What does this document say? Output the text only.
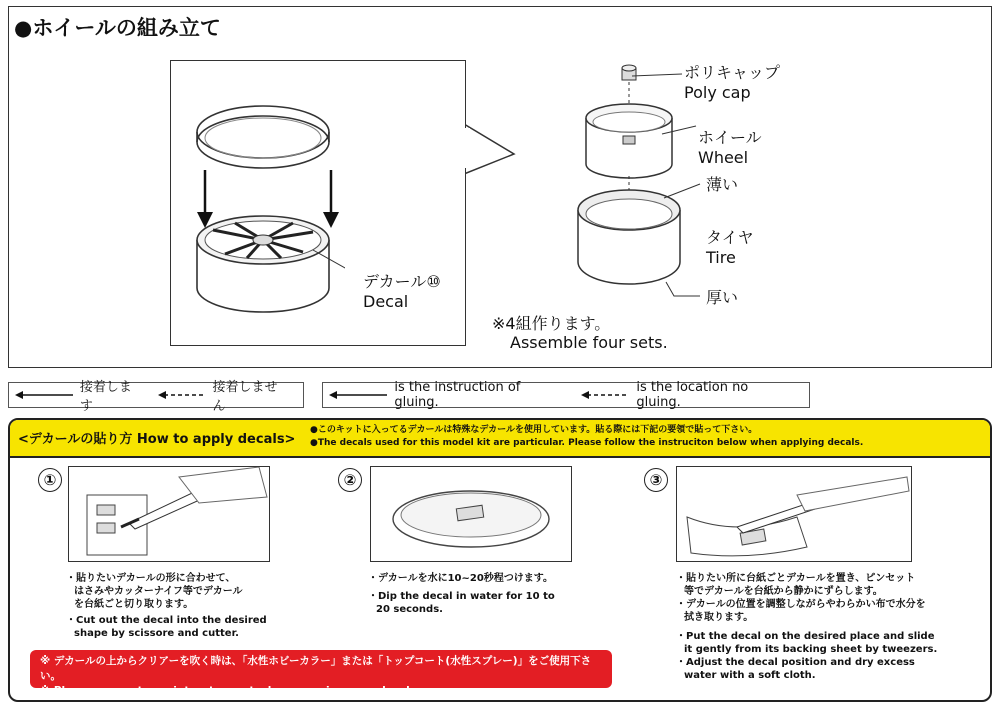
●ホイールの組み立て
デカール⑩
Decal
ポリキャップ
Poly cap
ホイール
Wheel
薄い
タイヤ
Tire
厚い
※4組作ります。
Assemble four sets.
接着します
接着しません
is the instruction of gluing.
is the location no gluing.
<デカールの貼り方 How to apply decals>
●このキットに入ってるデカールは特殊なデカールを使用しています。貼る際には下記の要領で貼って下さい。
●The decals used for this model kit are particular. Please follow the instruciton below when applying decals.
①
・貼りたいデカールの形に合わせて、
はさみやカッターナイフ等でデカール
を台紙ごと切り取ります。
・Cut out the decal into the desired
shape by scissore and cutter.
②
・デカールを水に10~20秒程つけます。
・Dip the decal in water for 10 to
20 seconds.
③
・貼りたい所に台紙ごとデカールを置き、ピンセット
等でデカールを台紙から静かにずらします。
・デカールの位置を調整しながらやわらかい布で水分を
拭き取ります。
・Put the decal on the desired place and slide
it gently from its backing sheet by tweezers.
・Adjust the decal position and dry excess
water with a soft cloth.
※ デカールの上からクリアーを吹く時は、「水性ホビーカラー」または「トップコート(水性スプレー)」をご使用下さい。
※ Please use water paint or topcoat when spraying over decals.
